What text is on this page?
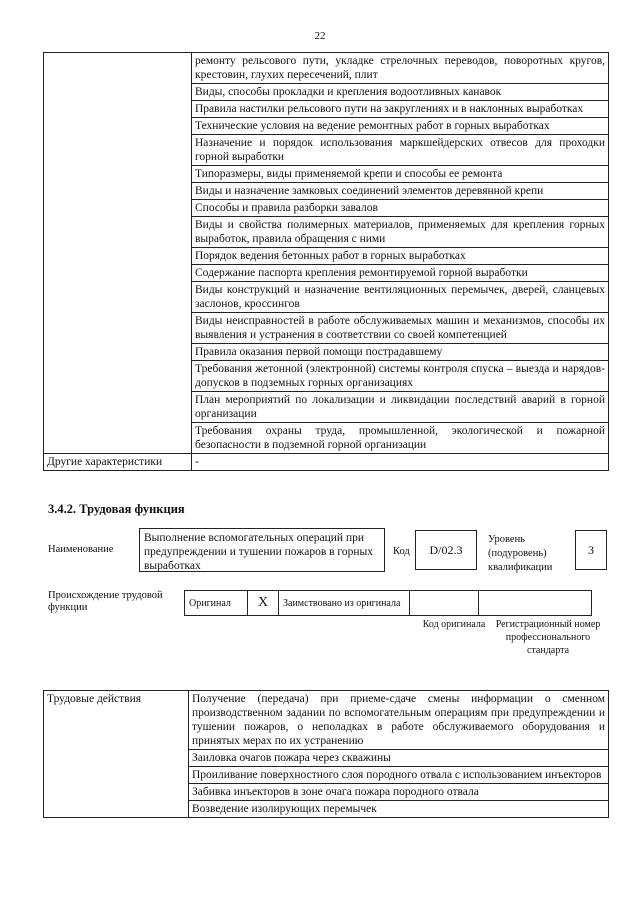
22
	ремонту рельсового пути, укладке стрелочных переводов, поворотных кругов, крестовин, глухих пересечений, плит
	Виды, способы прокладки и крепления водоотливных канавок
	Правила настилки рельсового пути на закруглениях и в наклонных выработках
	Технические условия на ведение ремонтных работ в горных выработках
	Назначение и порядок использования маркшейдерских отвесов для проходки горной выработки
	Типоразмеры, виды применяемой крепи и способы ее ремонта
	Виды и назначение замковых соединений элементов деревянной крепи
	Способы и правила разборки завалов
	Виды и свойства полимерных материалов, применяемых для крепления горных выработок, правила обращения с ними
	Порядок ведения бетонных работ в горных выработках
	Содержание паспорта крепления ремонтируемой горной выработки
	Виды конструкций и назначение вентиляционных перемычек, дверей, сланцевых заслонов, кроссингов
	Виды неисправностей в работе обслуживаемых машин и механизмов, способы их выявления и устранения в соответствии со своей компетенцией
	Правила оказания первой помощи пострадавшему
	Требования жетонной (электронной) системы контроля спуска – выезда и нарядов-допусков в подземных горных организациях
	План мероприятий по локализации и ликвидации последствий аварий в горной организации
	Требования охраны труда, промышленной, экологической и пожарной безопасности в подземной горной организации
Другие характеристики	-
3.4.2. Трудовая функция
Наименование
Выполнение вспомогательных операций при предупреждении и тушении пожаров в горных выработках
Код	D/02.3
Уровень (подуровень) квалификации
3
Происхождение трудовой функции	Оригинал	X	Заимствовано из оригинала		
Код оригинала	Регистрационный номер профессионального стандарта
Трудовые действия	Получение (передача) при приеме-сдаче смены информации о сменном производственном задании по вспомогательным операциям при предупреждении и тушении пожаров, о неполадках в работе обслуживаемого оборудования и принятых мерах по их устранению
Заиловка очагов пожара через скважины
Проиливание поверхностного слоя породного отвала с использованием инъекторов
Забивка инъекторов в зоне очага пожара породного отвала
Возведение изолирующих перемычек
